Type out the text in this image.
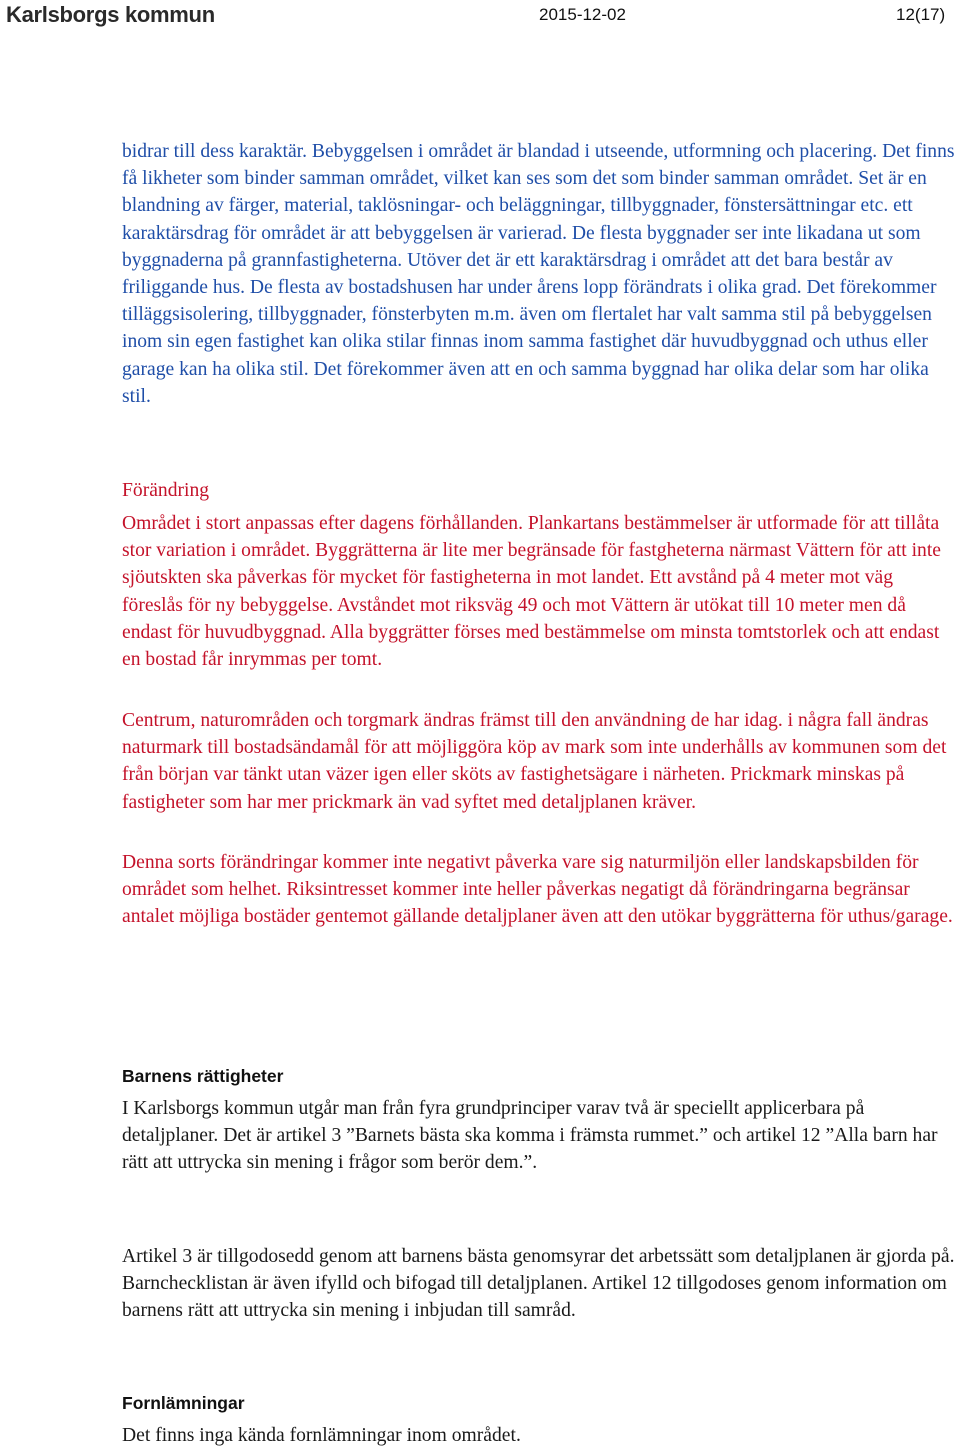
Karlsborgs kommun	2015-12-02	12(17)

bidrar till dess karaktär. Bebyggelsen i området är blandad i utseende, utformning och placering. Det finns få likheter som binder samman området, vilket kan ses som det som binder samman området. Set är en blandning av färger, material, taklösningar- och beläggningar, tillbyggnader, fönstersättningar etc. ett karaktärsdrag för området är att bebyggelsen är varierad. De flesta byggnader ser inte likadana ut som byggnaderna på grannfastigheterna. Utöver det är ett karaktärsdrag i området att det bara består av friliggande hus. De flesta av bostadshusen har under årens lopp förändrats i olika grad. Det förekommer tilläggsisolering, tillbyggnader, fönsterbyten m.m. även om flertalet har valt samma stil på bebyggelsen inom sin egen fastighet kan olika stilar finnas inom samma fastighet där huvudbyggnad och uthus eller garage kan ha olika stil. Det förekommer även att en och samma byggnad har olika delar som har olika stil.

Förändring

Området i stort anpassas efter dagens förhållanden. Plankartans bestämmelser är utformade för att tillåta stor variation i området. Byggrätterna är lite mer begränsade för fastgheterna närmast Vättern för att inte sjöutskten ska påverkas för mycket för fastigheterna in mot landet. Ett avstånd på 4 meter mot väg föreslås för ny bebyggelse. Avståndet mot riksväg 49 och mot Vättern är utökat till 10 meter men då endast för huvudbyggnad. Alla byggrätter förses med bestämmelse om minsta tomtstorlek och att endast en bostad får inrymmas per tomt.

Centrum, naturområden och torgmark ändras främst till den användning de har idag. i några fall ändras naturmark till bostadsändamål för att möjliggöra köp av mark som inte underhålls av kommunen som det från början var tänkt utan väzer igen eller sköts av fastighetsägare i närheten. Prickmark minskas på fastigheter som har mer prickmark än vad syftet med detaljplanen kräver.

Denna sorts förändringar kommer inte negativt påverka vare sig naturmiljön eller landskapsbilden för området som helhet. Riksintresset kommer inte heller påverkas negatigt då förändringarna begränsar antalet möjliga bostäder gentemot gällande detaljplaner även att den utökar byggrätterna för uthus/garage.

Barnens rättigheter

I Karlsborgs kommun utgår man från fyra grundprinciper varav två är speciellt applicerbara på detaljplaner. Det är artikel 3 ”Barnets bästa ska komma i främsta rummet.” och artikel 12 ”Alla barn har rätt att uttrycka sin mening i frågor som berör dem.”.

Artikel 3 är tillgodosedd genom att barnens bästa genomsyrar det arbetssätt som detaljplanen är gjorda på. Barnchecklistan är även ifylld och bifogad till detaljplanen. Artikel 12 tillgodoses genom information om barnens rätt att uttrycka sin mening i inbjudan till samråd.

Fornlämningar

Det finns inga kända fornlämningar inom området.
